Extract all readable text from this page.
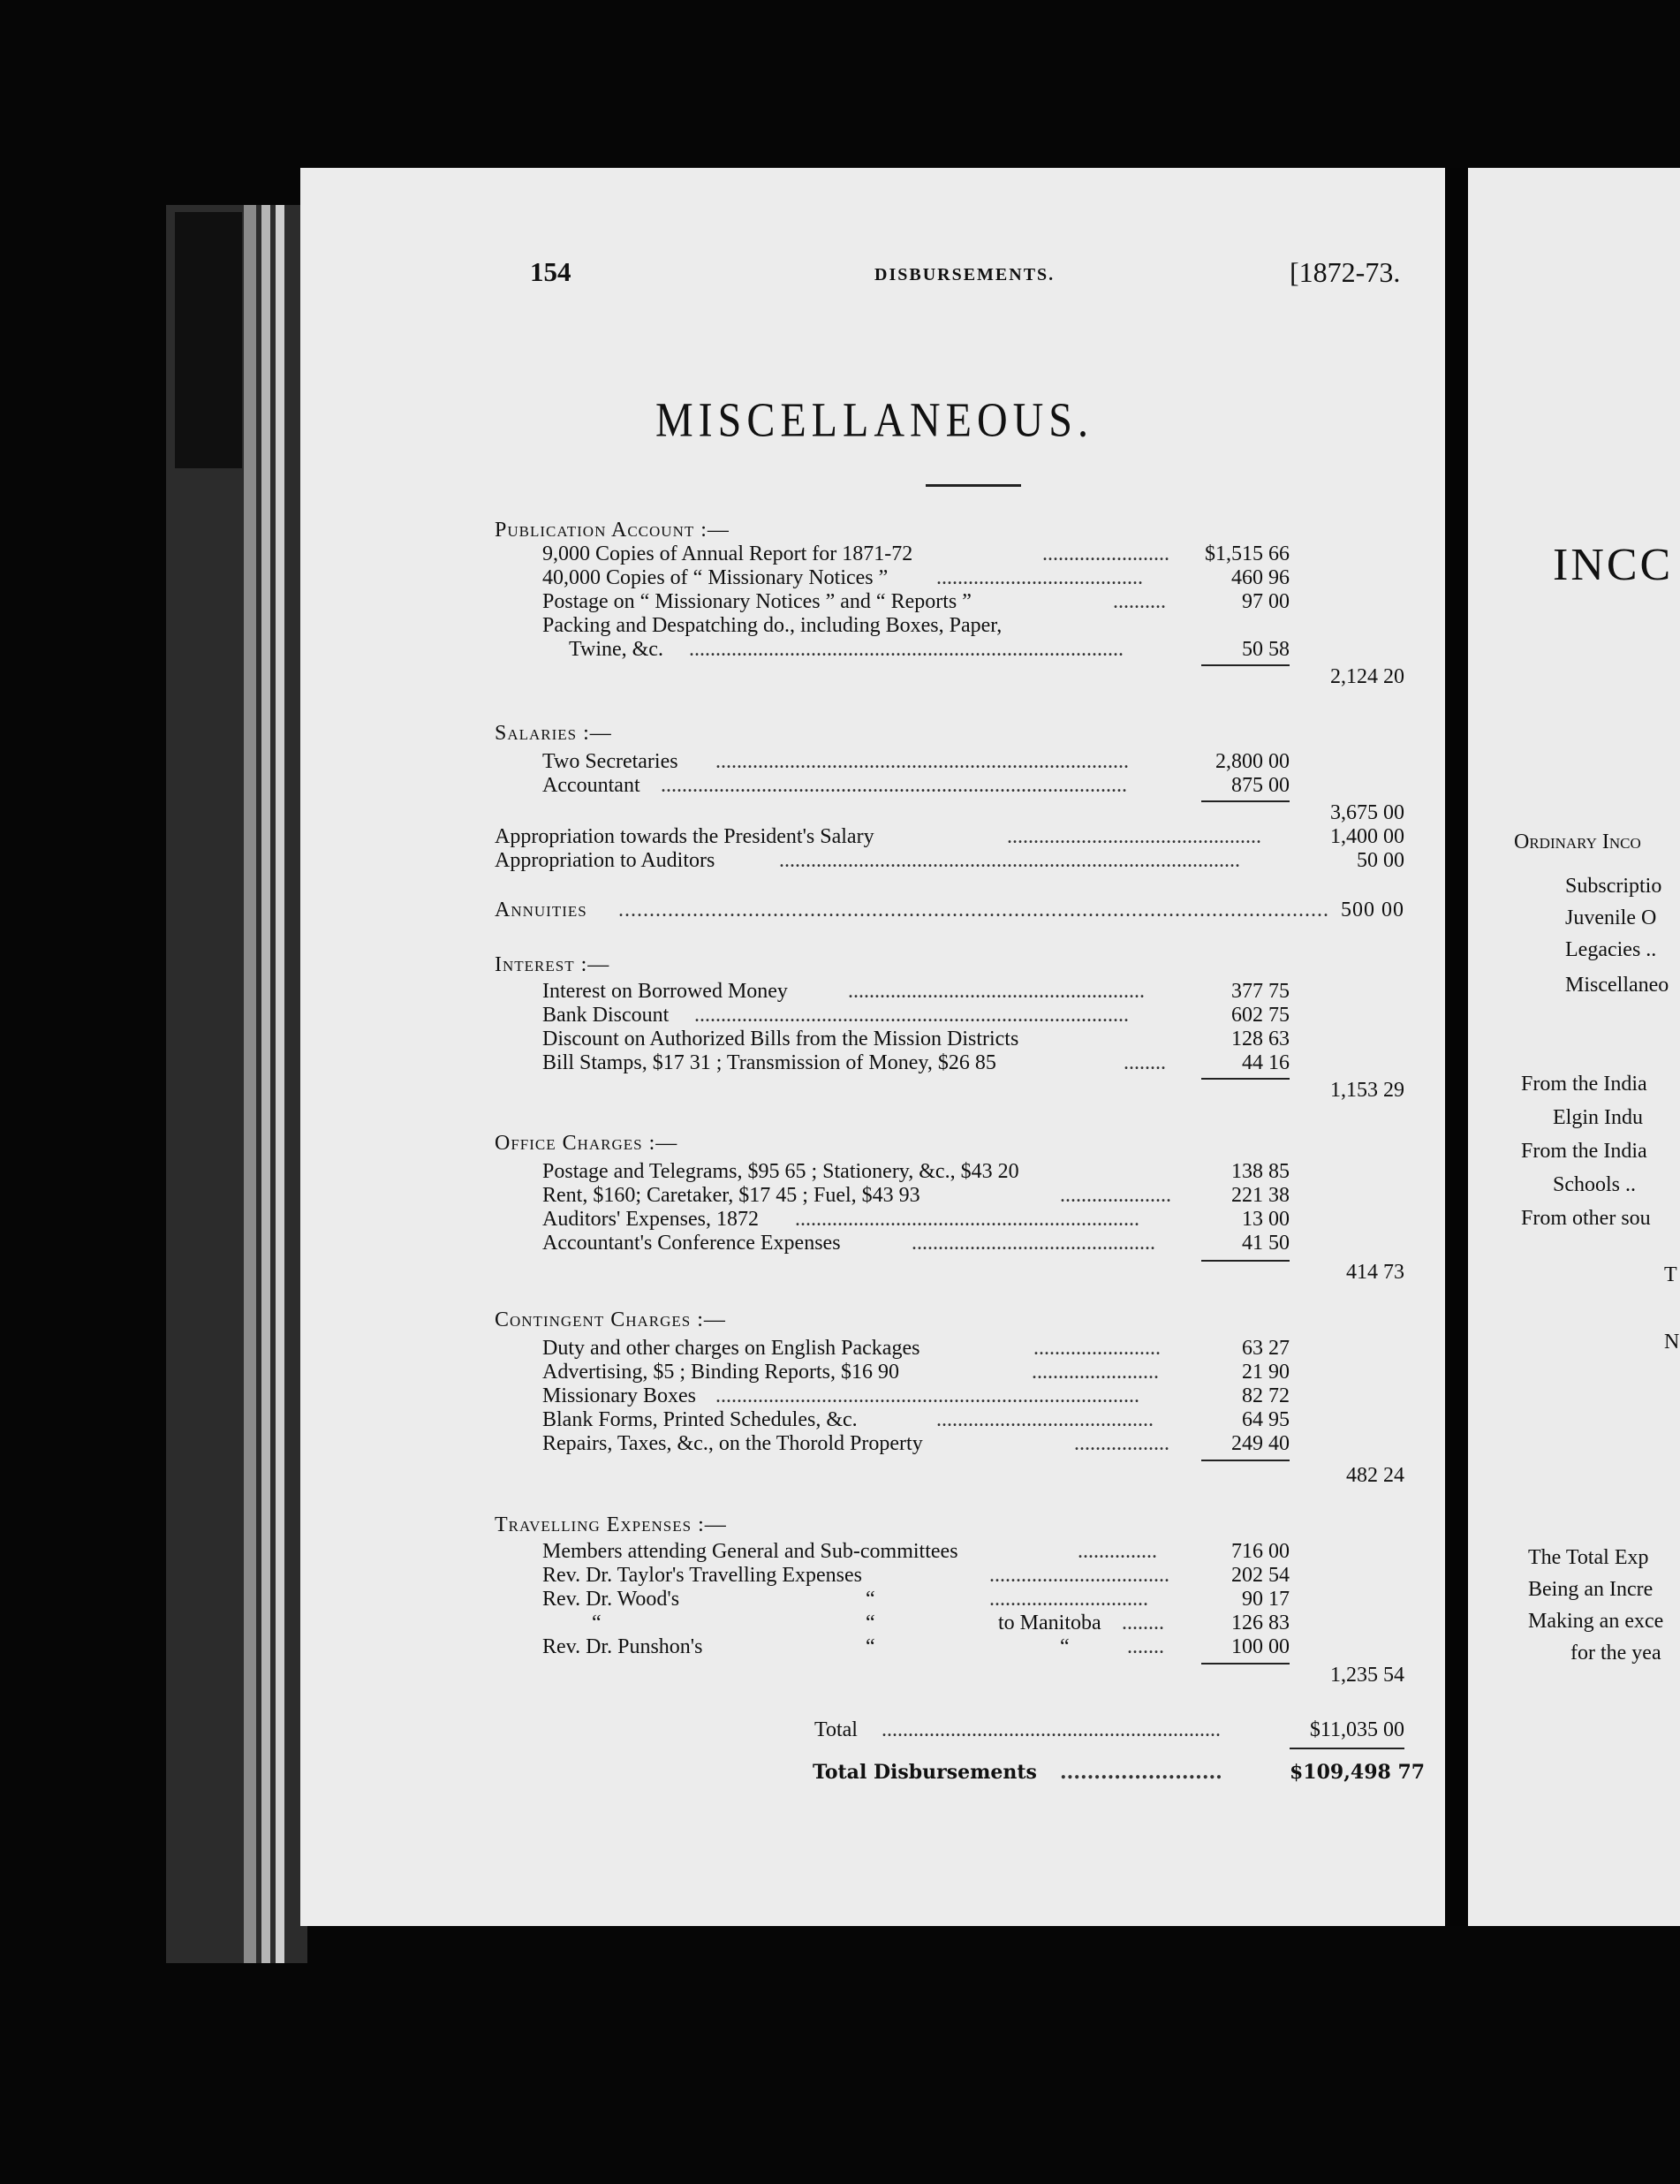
INCC
Ordinary Inco
Subscriptio
Juvenile O
Legacies ..
Miscellaneo
From the India
Elgin Indu
From the India
Schools ..
From other sou
T
N
The Total Exp
Being an Incre
Making an exce
for the yea
154	DISBURSEMENTS.	[1872-73.
MISCELLANEOUS.
Publication Account :—
9,000 Copies of Annual Report for 1871-72	........................	$1,515 66
40,000 Copies of “ Missionary Notices ” .......................................	460 96
Postage on “ Missionary Notices ” and “ Reports ”	..........	97 00
Packing and Despatching do., including Boxes, Paper,
Twine, &c. ..................................................................................	50 58
2,124 20
Salaries :—
Two Secretaries ..............................................................................	2,800 00
Accountant ........................................................................................	875 00
3,675 00
Appropriation towards the President's Salary	................................................	1,400 00
Appropriation to Auditors	.......................................................................................	50 00
Annuities ................................................................................................................... 500 00
Interest :—
Interest on Borrowed Money	........................................................	377 75
Bank Discount ..................................................................................	602 75
Discount on Authorized Bills from the Mission Districts	128 63
Bill Stamps, $17 31 ; Transmission of Money, $26 85	........	44 16
1,153 29
Office Charges :—
Postage and Telegrams, $95 65 ; Stationery, &c., $43 20	138 85
Rent, $160; Caretaker, $17 45 ; Fuel, $43 93	.....................	221 38
Auditors' Expenses, 1872 .................................................................	13 00
Accountant's Conference Expenses	..............................................	41 50
414 73
Contingent Charges :—
Duty and other charges on English Packages	........................	63 27
Advertising, $5 ; Binding Reports, $16 90	........................	21 90
Missionary Boxes ................................................................................	82 72
Blank Forms, Printed Schedules, &c.	.........................................	64 95
Repairs, Taxes, &c., on the Thorold Property	..................	249 40
482 24
Travelling Expenses :—
Members attending General and Sub-committees	...............	716 00
Rev. Dr. Taylor's Travelling Expenses	..................................	202 54
Rev. Dr. Wood's	“	..............................	90 17
“	“	to Manitoba ........	126 83
Rev. Dr. Punshon's	“	“	.......	100 00
1,235 54
Total ................................................................	$11,035 00
Total Disbursements ........................	$109,498 77
